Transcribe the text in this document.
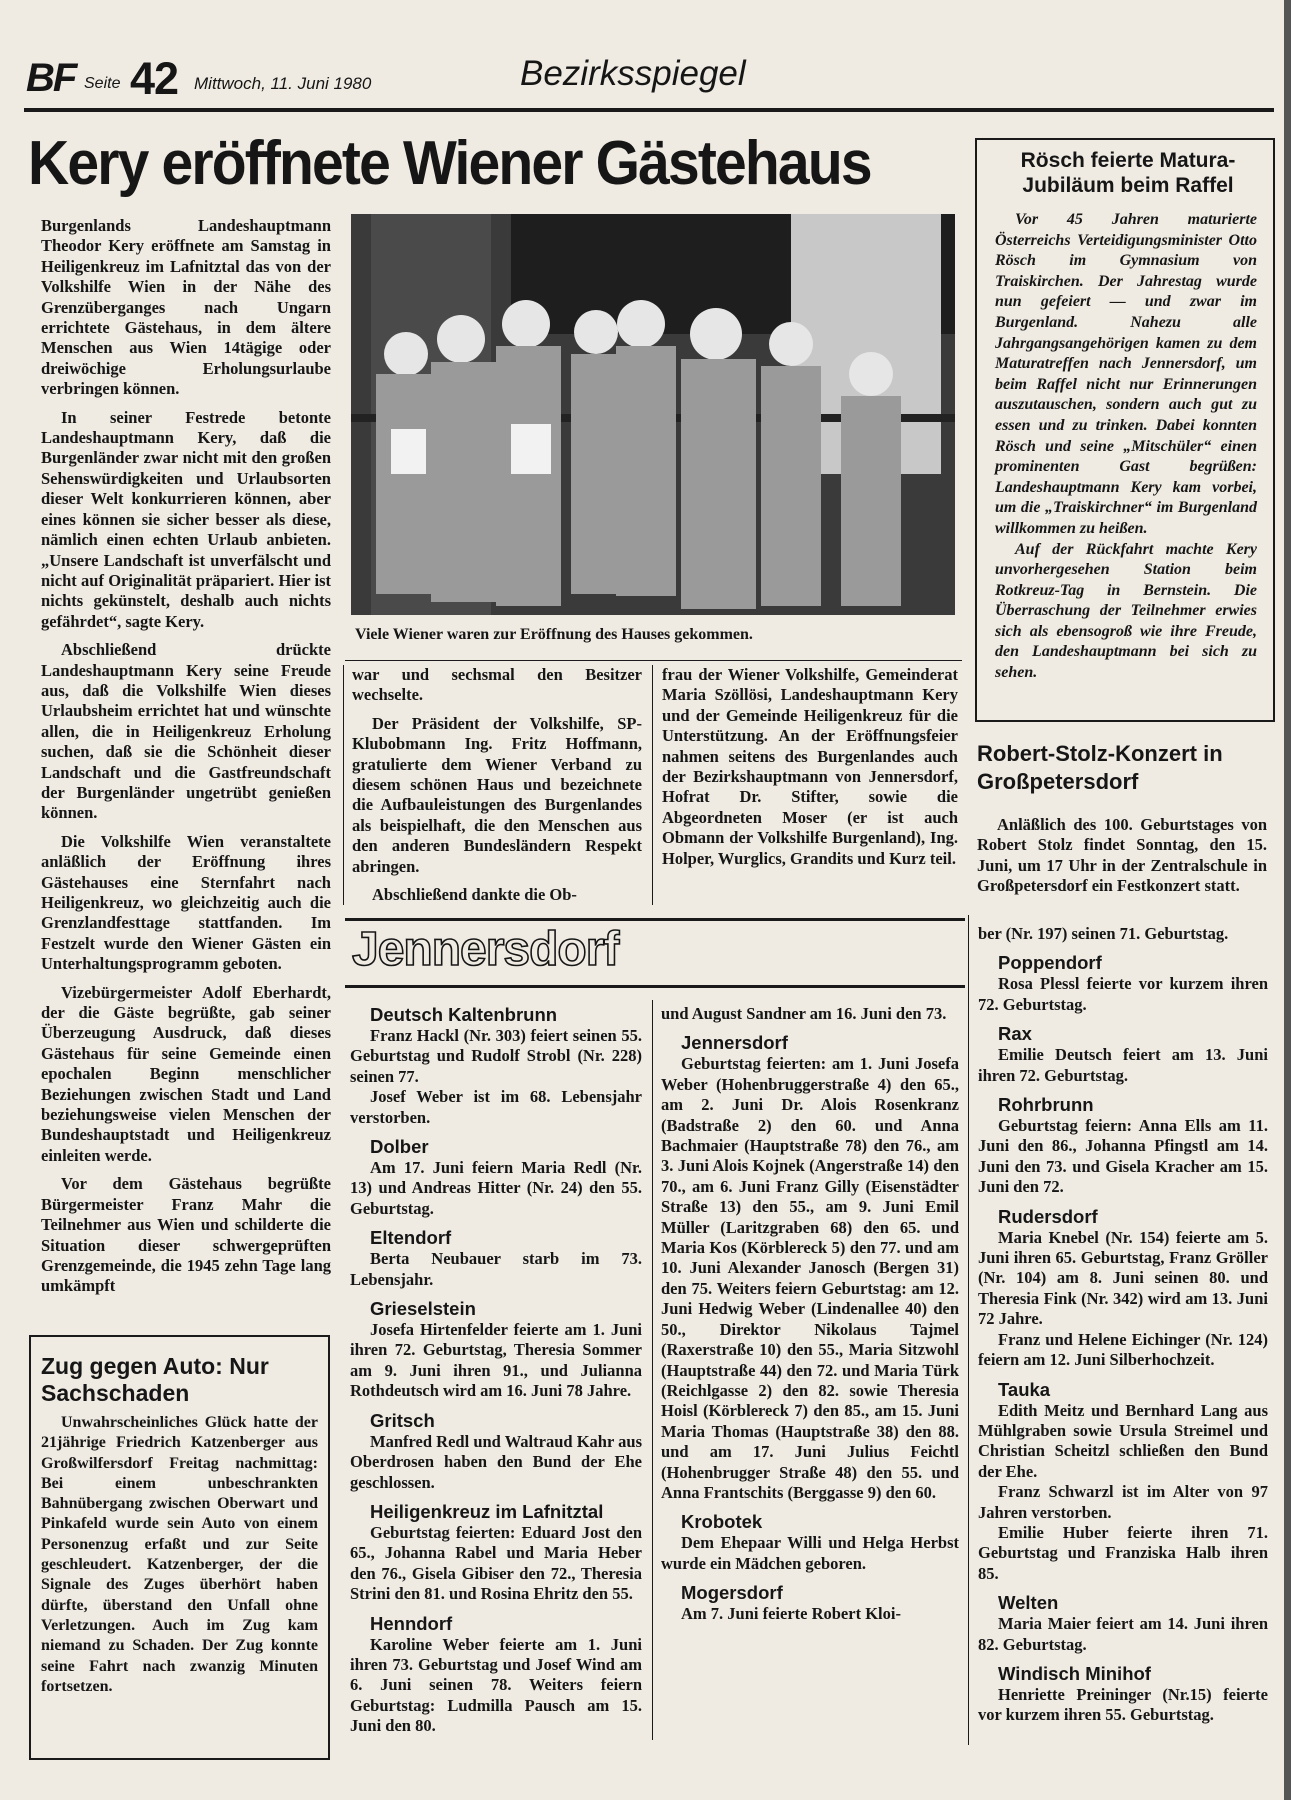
BF Seite 42 Mittwoch, 11. Juni 1980	Bezirksspiegel
Kery eröffnete Wiener Gästehaus

Burgenlands Landeshauptmann Theodor Kery eröffnete am Samstag in Heiligenkreuz im Lafnitztal das von der Volkshilfe Wien in der Nähe des Grenzüberganges nach Ungarn errichtete Gästehaus, in dem ältere Menschen aus Wien 14tägige oder dreiwöchige Erholungsurlaube verbringen können.

In seiner Festrede betonte Landeshauptmann Kery, daß die Burgenländer zwar nicht mit den großen Sehenswürdigkeiten und Urlaubsorten dieser Welt konkurrieren können, aber eines können sie sicher besser als diese, nämlich einen echten Urlaub anbieten. „Unsere Landschaft ist unverfälscht und nicht auf Originalität präpariert. Hier ist nichts gekünstelt, deshalb auch nichts gefährdet“, sagte Kery.

Abschließend drückte Landeshauptmann Kery seine Freude aus, daß die Volkshilfe Wien dieses Urlaubsheim errichtet hat und wünschte allen, die in Heiligenkreuz Erholung suchen, daß sie die Schönheit dieser Landschaft und die Gastfreundschaft der Burgenländer ungetrübt genießen können.

Die Volkshilfe Wien veranstaltete anläßlich der Eröffnung ihres Gästehauses eine Sternfahrt nach Heiligenkreuz, wo gleichzeitig auch die Grenzlandfesttage stattfanden. Im Festzelt wurde den Wiener Gästen ein Unterhaltungsprogramm geboten.

Vizebürgermeister Adolf Eberhardt, der die Gäste begrüßte, gab seiner Überzeugung Ausdruck, daß dieses Gästehaus für seine Gemeinde einen epochalen Beginn menschlicher Beziehungen zwischen Stadt und Land beziehungsweise vielen Menschen der Bundeshauptstadt und Heiligenkreuz einleiten werde.

Vor dem Gästehaus begrüßte Bürgermeister Franz Mahr die Teilnehmer aus Wien und schilderte die Situation dieser schwergeprüften Grenzgemeinde, die 1945 zehn Tage lang umkämpft

Viele Wiener waren zur Eröffnung des Hauses gekommen.

war und sechsmal den Besitzer wechselte.

Der Präsident der Volkshilfe, SP-Klubobmann Ing. Fritz Hoffmann, gratulierte dem Wiener Verband zu diesem schönen Haus und bezeichnete die Aufbauleistungen des Burgenlandes als beispielhaft, die den Menschen aus den anderen Bundesländern Respekt abringen.

Abschließend dankte die Ob-

frau der Wiener Volkshilfe, Gemeinderat Maria Szöllösi, Landeshauptmann Kery und der Gemeinde Heiligenkreuz für die Unterstützung. An der Eröffnungsfeier nahmen seitens des Burgenlandes auch der Bezirkshauptmann von Jennersdorf, Hofrat Dr. Stifter, sowie die Abgeordneten Moser (er ist auch Obmann der Volkshilfe Burgenland), Ing. Holper, Wurglics, Grandits und Kurz teil.

Rösch feierte Matura-Jubiläum beim Raffel

Vor 45 Jahren maturierte Österreichs Verteidigungsminister Otto Rösch im Gymnasium von Traiskirchen. Der Jahrestag wurde nun gefeiert — und zwar im Burgenland. Nahezu alle Jahrgangsangehörigen kamen zu dem Maturatreffen nach Jennersdorf, um beim Raffel nicht nur Erinnerungen auszutauschen, sondern auch gut zu essen und zu trinken. Dabei konnten Rösch und seine „Mitschüler“ einen prominenten Gast begrüßen: Landeshauptmann Kery kam vorbei, um die „Traiskirchner“ im Burgenland willkommen zu heißen.

Auf der Rückfahrt machte Kery unvorhergesehen Station beim Rotkreuz-Tag in Bernstein. Die Überraschung der Teilnehmer erwies sich als ebensogroß wie ihre Freude, den Landeshauptmann bei sich zu sehen.

Robert-Stolz-Konzert in Großpetersdorf

Anläßlich des 100. Geburtstages von Robert Stolz findet Sonntag, den 15. Juni, um 17 Uhr in der Zentralschule in Großpetersdorf ein Festkonzert statt.

Zug gegen Auto: Nur Sachschaden

Unwahrscheinliches Glück hatte der 21jährige Friedrich Katzenberger aus Großwilfersdorf Freitag nachmittag: Bei einem unbeschrankten Bahnübergang zwischen Oberwart und Pinkafeld wurde sein Auto von einem Personenzug erfaßt und zur Seite geschleudert. Katzenberger, der die Signale des Zuges überhört haben dürfte, überstand den Unfall ohne Verletzungen. Auch im Zug kam niemand zu Schaden. Der Zug konnte seine Fahrt nach zwanzig Minuten fortsetzen.

Jennersdorf

Deutsch Kaltenbrunn

Franz Hackl (Nr. 303) feiert seinen 55. Geburtstag und Rudolf Strobl (Nr. 228) seinen 77.

Josef Weber ist im 68. Lebensjahr verstorben.

Dolber

Am 17. Juni feiern Maria Redl (Nr. 13) und Andreas Hitter (Nr. 24) den 55. Geburtstag.

Eltendorf

Berta Neubauer starb im 73. Lebensjahr.

Grieselstein

Josefa Hirtenfelder feierte am 1. Juni ihren 72. Geburtstag, Theresia Sommer am 9. Juni ihren 91., und Julianna Rothdeutsch wird am 16. Juni 78 Jahre.

Gritsch

Manfred Redl und Waltraud Kahr aus Oberdrosen haben den Bund der Ehe geschlossen.

Heiligenkreuz im Lafnitztal

Geburtstag feierten: Eduard Jost den 65., Johanna Rabel und Maria Heber den 76., Gisela Gibiser den 72., Theresia Strini den 81. und Rosina Ehritz den 55.

Henndorf

Karoline Weber feierte am 1. Juni ihren 73. Geburtstag und Josef Wind am 6. Juni seinen 78. Weiters feiern Geburtstag: Ludmilla Pausch am 15. Juni den 80.

und August Sandner am 16. Juni den 73.

Jennersdorf

Geburtstag feierten: am 1. Juni Josefa Weber (Hohenbruggerstraße 4) den 65., am 2. Juni Dr. Alois Rosenkranz (Badstraße 2) den 60. und Anna Bachmaier (Hauptstraße 78) den 76., am 3. Juni Alois Kojnek (Angerstraße 14) den 70., am 6. Juni Franz Gilly (Eisenstädter Straße 13) den 55., am 9. Juni Emil Müller (Laritzgraben 68) den 65. und Maria Kos (Körblereck 5) den 77. und am 10. Juni Alexander Janosch (Bergen 31) den 75. Weiters feiern Geburtstag: am 12. Juni Hedwig Weber (Lindenallee 40) den 50., Direktor Nikolaus Tajmel (Raxerstraße 10) den 55., Maria Sitzwohl (Hauptstraße 44) den 72. und Maria Türk (Reichlgasse 2) den 82. sowie Theresia Hoisl (Körblereck 7) den 85., am 15. Juni Maria Thomas (Hauptstraße 38) den 88. und am 17. Juni Julius Feichtl (Hohenbrugger Straße 48) den 55. und Anna Frantschits (Berggasse 9) den 60.

Krobotek

Dem Ehepaar Willi und Helga Herbst wurde ein Mädchen geboren.

Mogersdorf

Am 7. Juni feierte Robert Kloi-

ber (Nr. 197) seinen 71. Geburtstag.

Poppendorf

Rosa Plessl feierte vor kurzem ihren 72. Geburtstag.

Rax

Emilie Deutsch feiert am 13. Juni ihren 72. Geburtstag.

Rohrbrunn

Geburtstag feiern: Anna Ells am 11. Juni den 86., Johanna Pfingstl am 14. Juni den 73. und Gisela Kracher am 15. Juni den 72.

Rudersdorf

Maria Knebel (Nr. 154) feierte am 5. Juni ihren 65. Geburtstag, Franz Gröller (Nr. 104) am 8. Juni seinen 80. und Theresia Fink (Nr. 342) wird am 13. Juni 72 Jahre.

Franz und Helene Eichinger (Nr. 124) feiern am 12. Juni Silberhochzeit.

Tauka

Edith Meitz und Bernhard Lang aus Mühlgraben sowie Ursula Streimel und Christian Scheitzl schließen den Bund der Ehe.

Franz Schwarzl ist im Alter von 97 Jahren verstorben.

Emilie Huber feierte ihren 71. Geburtstag und Franziska Halb ihren 85.

Welten

Maria Maier feiert am 14. Juni ihren 82. Geburtstag.

Windisch Minihof

Henriette Preininger (Nr.15) feierte vor kurzem ihren 55. Geburtstag.
